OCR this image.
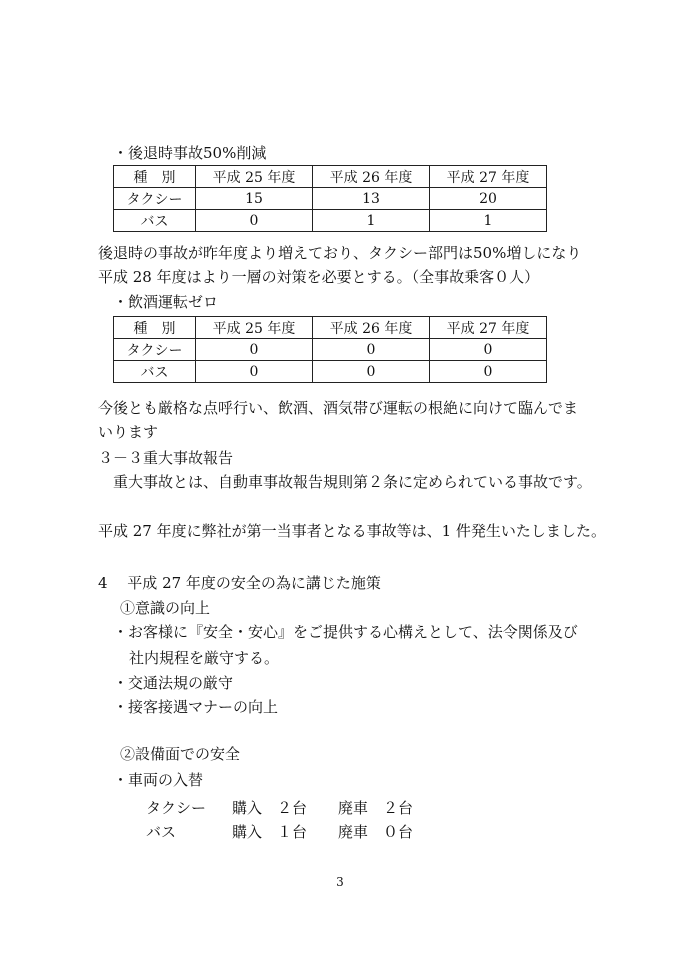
・後退時事故50%削減
種　別	平成 25 年度	平成 26 年度	平成 27 年度
タクシー	15	13	20
バス	0	1	1
後退時の事故が昨年度より増えており、タクシー部門は50%増しになり
平成 28 年度はより一層の対策を必要とする。（全事故乗客０人）
・飲酒運転ゼロ
種　別	平成 25 年度	平成 26 年度	平成 27 年度
タクシー	0	0	0
バス	0	0	0
今後とも厳格な点呼行い、飲酒、酒気帯び運転の根絶に向けて臨んでま
いります
３－３重大事故報告
重大事故とは、自動車事故報告規則第２条に定められている事故です。
平成 27 年度に弊社が第一当事者となる事故等は、1 件発生いたしました。
4　 平成 27 年度の安全の為に講じた施策
①意識の向上
・お客様に『安全・安心』をご提供する心構えとして、法令関係及び
社内規程を厳守する。
・交通法規の厳守
・接客接遇マナーの向上
②設備面での安全
・車両の入替
タクシー 購入　２台 廃車　２台
バス	購入　１台 廃車　０台
3
